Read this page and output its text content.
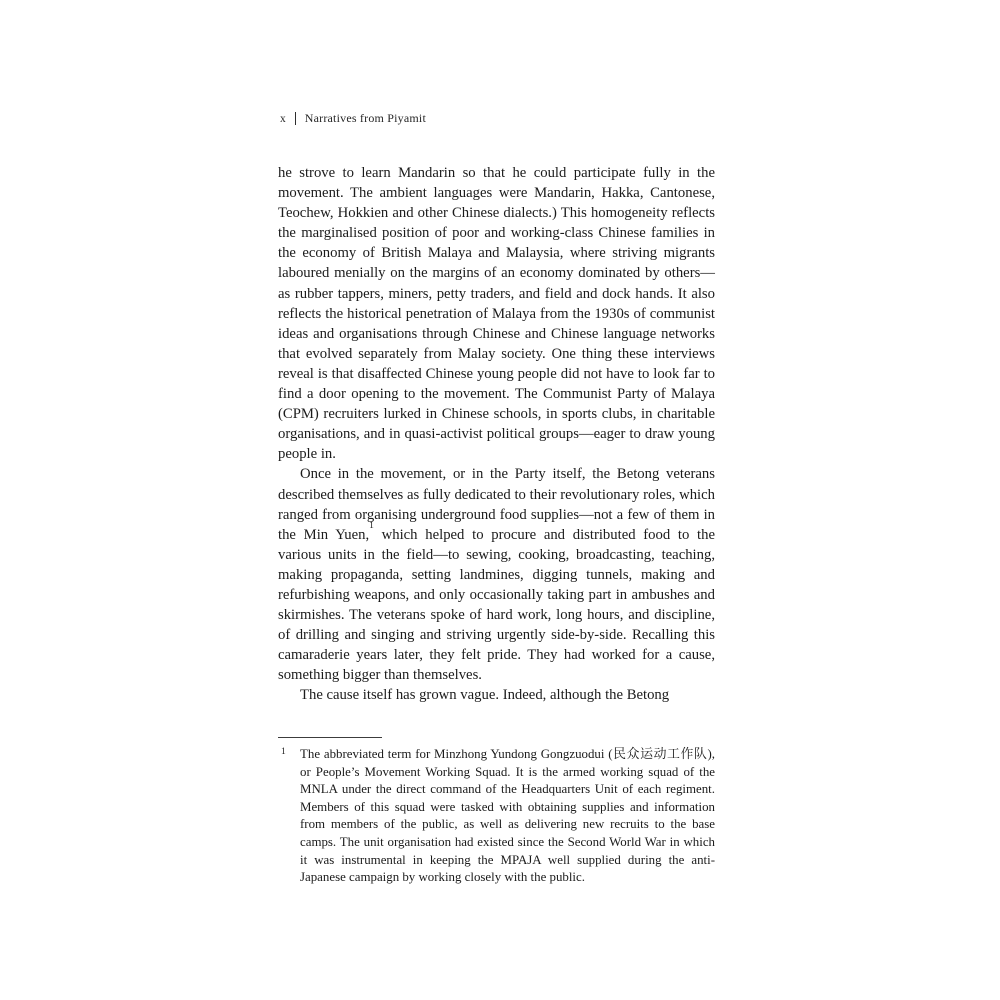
x Narratives from Piyamit

he strove to learn Mandarin so that he could participate fully in the movement. The ambient languages were Mandarin, Hakka, Cantonese, Teochew, Hokkien and other Chinese dialects.) This homogeneity reflects the marginalised position of poor and working-class Chinese families in the economy of British Malaya and Malaysia, where striving migrants laboured menially on the margins of an economy dominated by others—as rubber tappers, miners, petty traders, and field and dock hands. It also reflects the historical penetration of Malaya from the 1930s of communist ideas and organisations through Chinese and Chinese language networks that evolved separately from Malay society. One thing these interviews reveal is that disaffected Chinese young people did not have to look far to find a door opening to the movement. The Communist Party of Malaya (CPM) recruiters lurked in Chinese schools, in sports clubs, in charitable organisations, and in quasi-activist political groups—eager to draw young people in.

Once in the movement, or in the Party itself, the Betong veterans described themselves as fully dedicated to their revolutionary roles, which ranged from organising underground food supplies—not a few of them in the Min Yuen,$^1$ which helped to procure and distributed food to the various units in the field—to sewing, cooking, broadcasting, teaching, making propaganda, setting landmines, digging tunnels, making and refurbishing weapons, and only occasionally taking part in ambushes and skirmishes. The veterans spoke of hard work, long hours, and discipline, of drilling and singing and striving urgently side-by-side. Recalling this camaraderie years later, they felt pride. They had worked for a cause, something bigger than themselves.

The cause itself has grown vague. Indeed, although the Betong

1 The abbreviated term for Minzhong Yundong Gongzuodui (民众运动工作队), or People’s Movement Working Squad. It is the armed working squad of the MNLA under the direct command of the Headquarters Unit of each regiment. Members of this squad were tasked with obtaining supplies and information from members of the public, as well as delivering new recruits to the base camps. The unit organisation had existed since the Second World War in which it was instrumental in keeping the MPAJA well supplied during the anti-Japanese campaign by working closely with the public.
